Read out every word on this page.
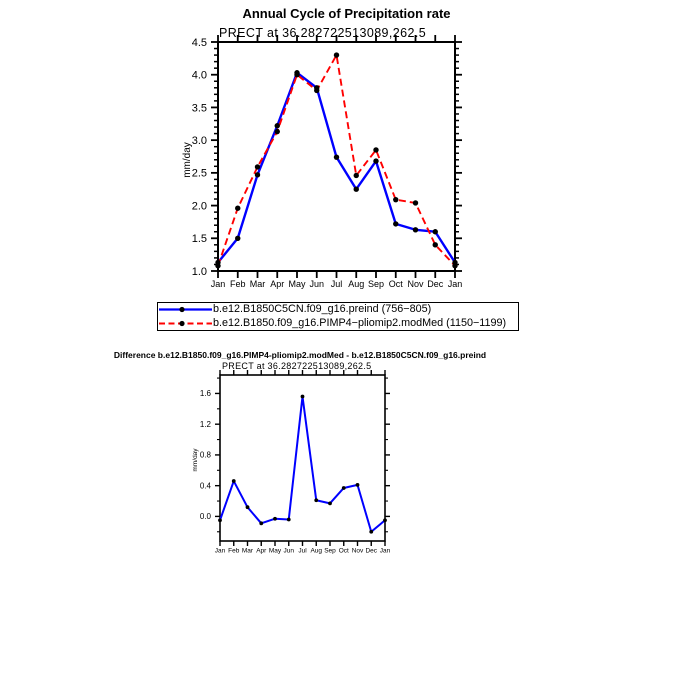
Annual Cycle of Precipitation rate
PRECT at 36.282722513089,262.5
mm/day
1.0
1.5
2.0
2.5
3.0
3.5
4.0
4.5
Jan Feb Mar Apr May Jun Jul Aug Sep Oct Nov Dec Jan
b.e12.B1850C5CN.f09_g16.preind (756−805)
b.e12.B1850.f09_g16.PIMP4−pliomip2.modMed (1150−1199)
Difference b.e12.B1850.f09_g16.PIMP4-pliomip2.modMed - b.e12.B1850C5CN.f09_g16.preind
PRECT at 36.282722513089,262.5
mm/day
0.0
0.4
0.8
1.2
1.6
Jan Feb Mar Apr May Jun Jul Aug Sep Oct Nov Dec Jan
